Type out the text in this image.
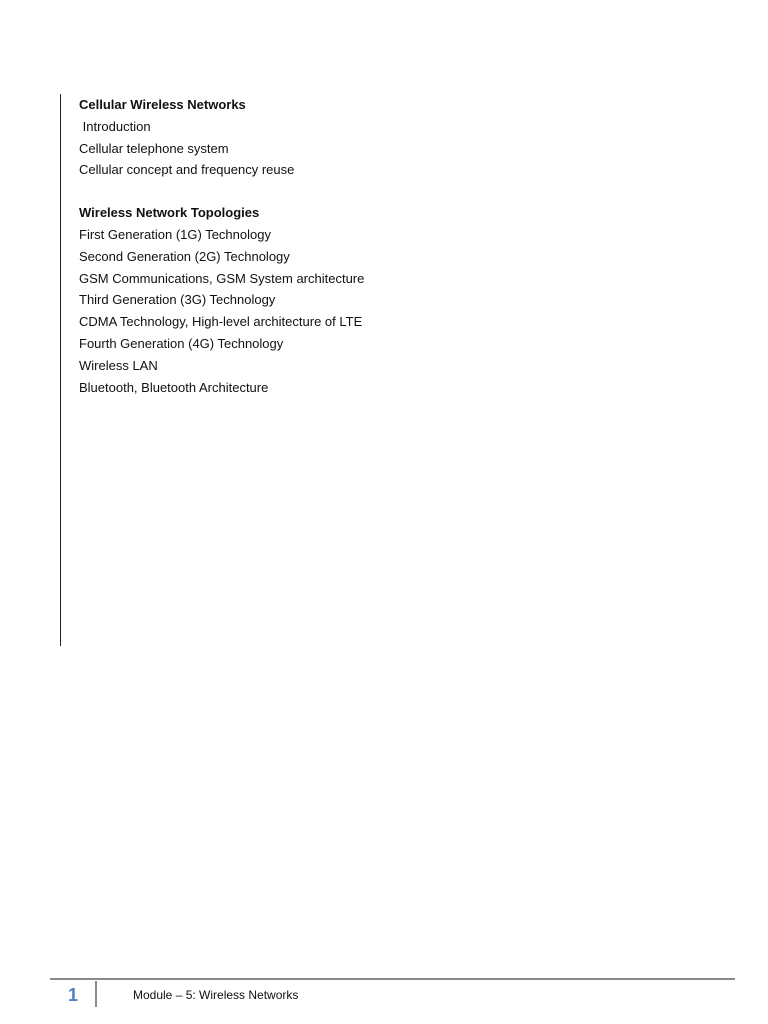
Cellular Wireless Networks
Introduction
Cellular telephone system
Cellular concept and frequency reuse
Wireless Network Topologies
First Generation (1G) Technology
Second Generation (2G) Technology
GSM Communications, GSM System architecture
Third Generation (3G) Technology
CDMA Technology, High-level architecture of LTE
Fourth Generation (4G) Technology
Wireless LAN
Bluetooth, Bluetooth Architecture
1	Module – 5: Wireless Networks
